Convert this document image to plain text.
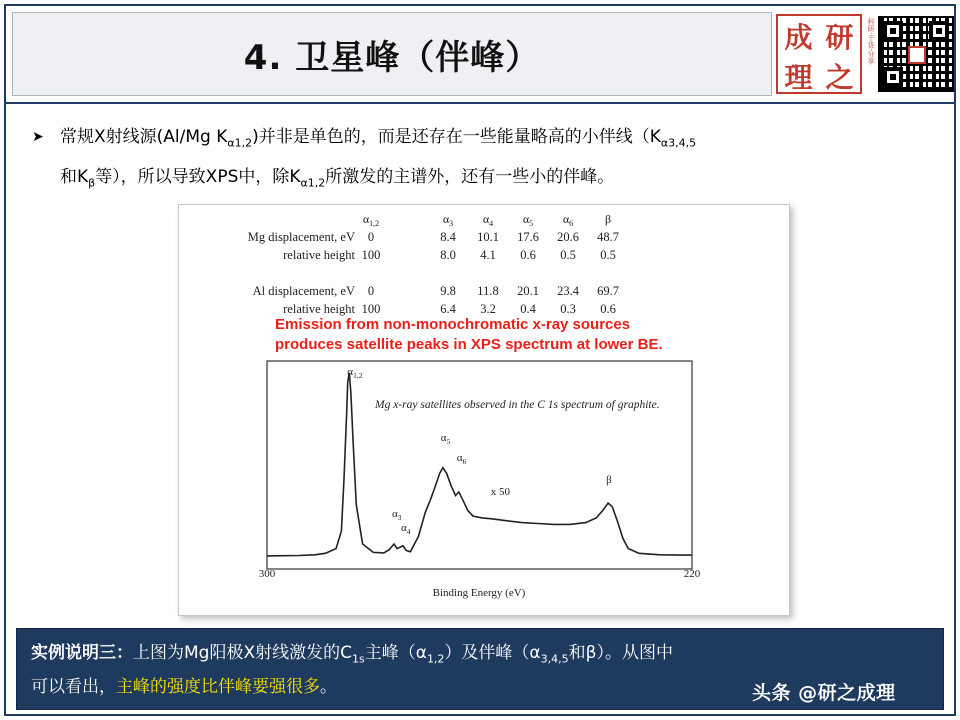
4. 卫星峰（伴峰）	成 研
理 之
科研·干货·分享
➤ 常规X射线源(Al/Mg $K_{\alpha 1,2}$)并非是单色的，而是还存在一些能量略高的小伴线（$K_{\alpha 3,4,5}$
和$K_\beta$等），所以导致XPS中，除$K_{\alpha 1,2}$所激发的主谱外，还有一些小的伴峰。
$\alpha_{1,2}$	$\alpha_3$ $\alpha_4$ $\alpha_5$ $\alpha_6$	β
Mg displacement, eV 0	8.4 10.1 17.6 20.6 48.7
relative height 100	8.0 4.1 0.6 0.5 0.5
Al displacement, eV 0	9.8 11.8 20.1 23.4 69.7
relative height 100	6.4 3.2 0.4 0.3 0.6
Emission from non-monochromatic x-ray sources
produces satellite peaks in XPS spectrum at lower BE.
Mg x-ray satellites observed in the C 1s spectrum of graphite.
$\alpha_{1,2}$
$\alpha_3$
$\alpha_4$
$\alpha_5$
$\alpha_6$
β
x 50
300	220
Binding Energy (eV)
实例说明三：上图为Mg阳极X射线激发的$C_{1s}$主峰$(\alpha_{1,2})$及伴峰（$\alpha_{3,4,5}$和β）。从图中
可以看出，主峰的强度比伴峰要强很多。	头条 @研之成理
